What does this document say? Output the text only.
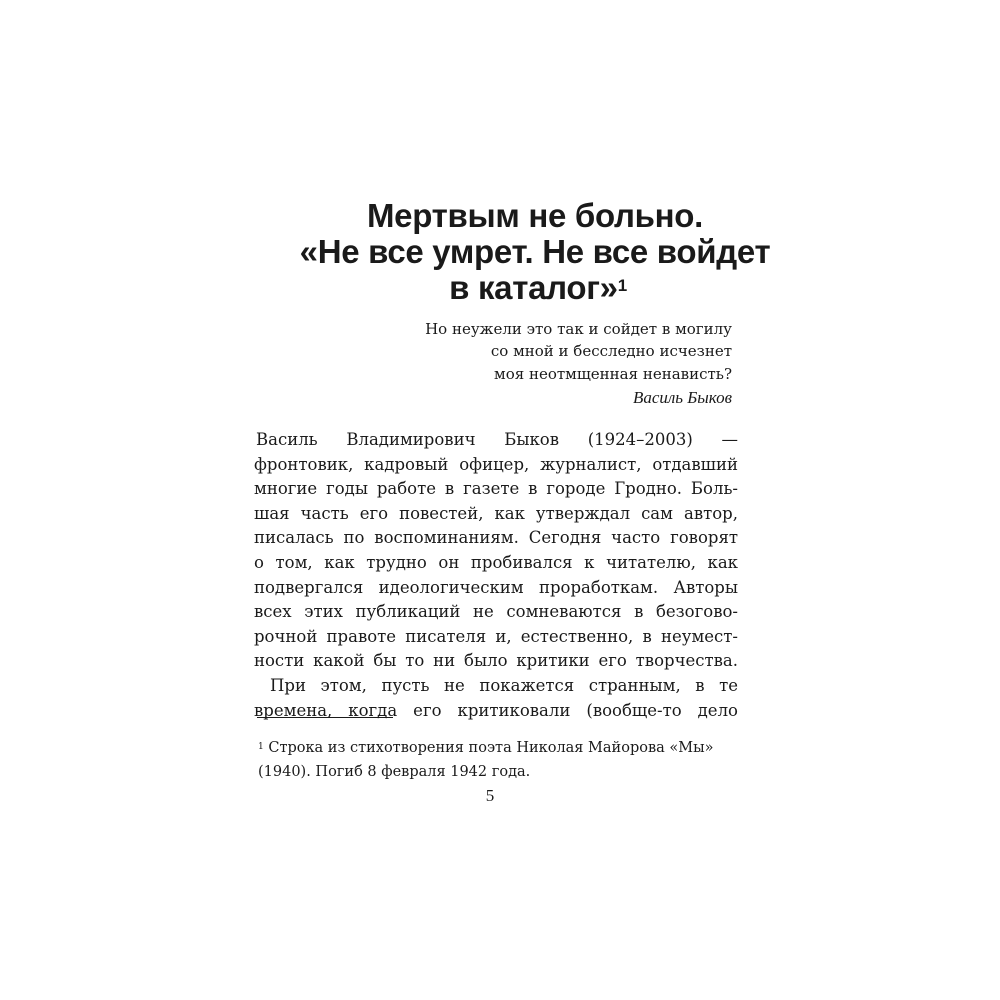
Мертвым не больно.
«Не все умрет. Не все войдет
в каталог»$^1$
Но неужели это так и сойдет в могилу
со мной и бесследно исчезнет
моя неотмщенная ненависть?
Василь Быков
Василь Владимирович Быков (1924–2003) —
фронтовик, кадровый офицер, журналист, отдавший
многие годы работе в газете в городе Гродно. Боль-
шая часть его повестей, как утверждал сам автор,
писалась по воспоминаниям. Сегодня часто говорят
о том, как трудно он пробивался к читателю, как
подвергался идеологическим проработкам. Авторы
всех этих публикаций не сомневаются в безогово-
рочной правоте писателя и, естественно, в неумест-
ности какой бы то ни было критики его творчества.
При этом, пусть не покажется странным, в те
времена, когда его критиковали (вообще-то дело
$^1$ Строка из стихотворения поэта Николая Майорова «Мы»
(1940). Погиб 8 февраля 1942 года.
5
